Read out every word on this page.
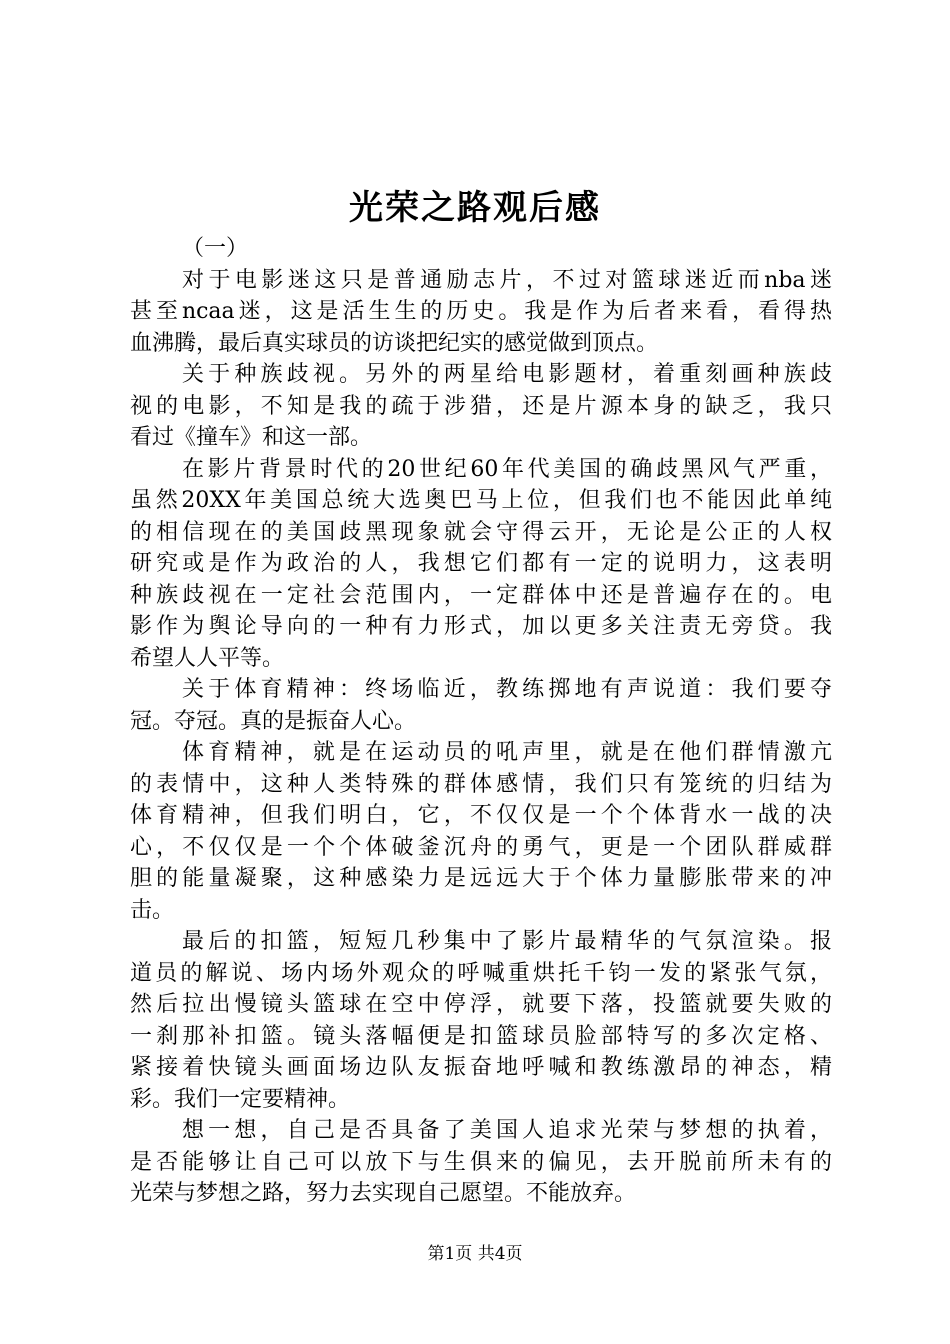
光荣之路观后感
（一）
对于电影迷这只是普通励志片，不过对篮球迷近而nba迷
甚至ncaa迷，这是活生生的历史。我是作为后者来看，看得热
血沸腾，最后真实球员的访谈把纪实的感觉做到顶点。
关于种族歧视。另外的两星给电影题材，着重刻画种族歧
视的电影，不知是我的疏于涉猎，还是片源本身的缺乏，我只
看过《撞车》和这一部。
在影片背景时代的20世纪60年代美国的确歧黑风气严重，
虽然20XX年美国总统大选奥巴马上位，但我们也不能因此单纯
的相信现在的美国歧黑现象就会守得云开，无论是公正的人权
研究或是作为政治的人，我想它们都有一定的说明力，这表明
种族歧视在一定社会范围内，一定群体中还是普遍存在的。电
影作为舆论导向的一种有力形式，加以更多关注责无旁贷。我
希望人人平等。
关于体育精神：终场临近，教练掷地有声说道：我们要夺
冠。夺冠。真的是振奋人心。
体育精神，就是在运动员的吼声里，就是在他们群情激亢
的表情中，这种人类特殊的群体感情，我们只有笼统的归结为
体育精神，但我们明白，它，不仅仅是一个个体背水一战的决
心，不仅仅是一个个体破釜沉舟的勇气，更是一个团队群威群
胆的能量凝聚，这种感染力是远远大于个体力量膨胀带来的冲
击。
最后的扣篮，短短几秒集中了影片最精华的气氛渲染。报
道员的解说、场内场外观众的呼喊重烘托千钧一发的紧张气氛，
然后拉出慢镜头篮球在空中停浮，就要下落，投篮就要失败的
一刹那补扣篮。镜头落幅便是扣篮球员脸部特写的多次定格、
紧接着快镜头画面场边队友振奋地呼喊和教练激昂的神态，精
彩。我们一定要精神。
想一想，自己是否具备了美国人追求光荣与梦想的执着，
是否能够让自己可以放下与生俱来的偏见，去开脱前所未有的
光荣与梦想之路，努力去实现自己愿望。不能放弃。
第1页 共4页
